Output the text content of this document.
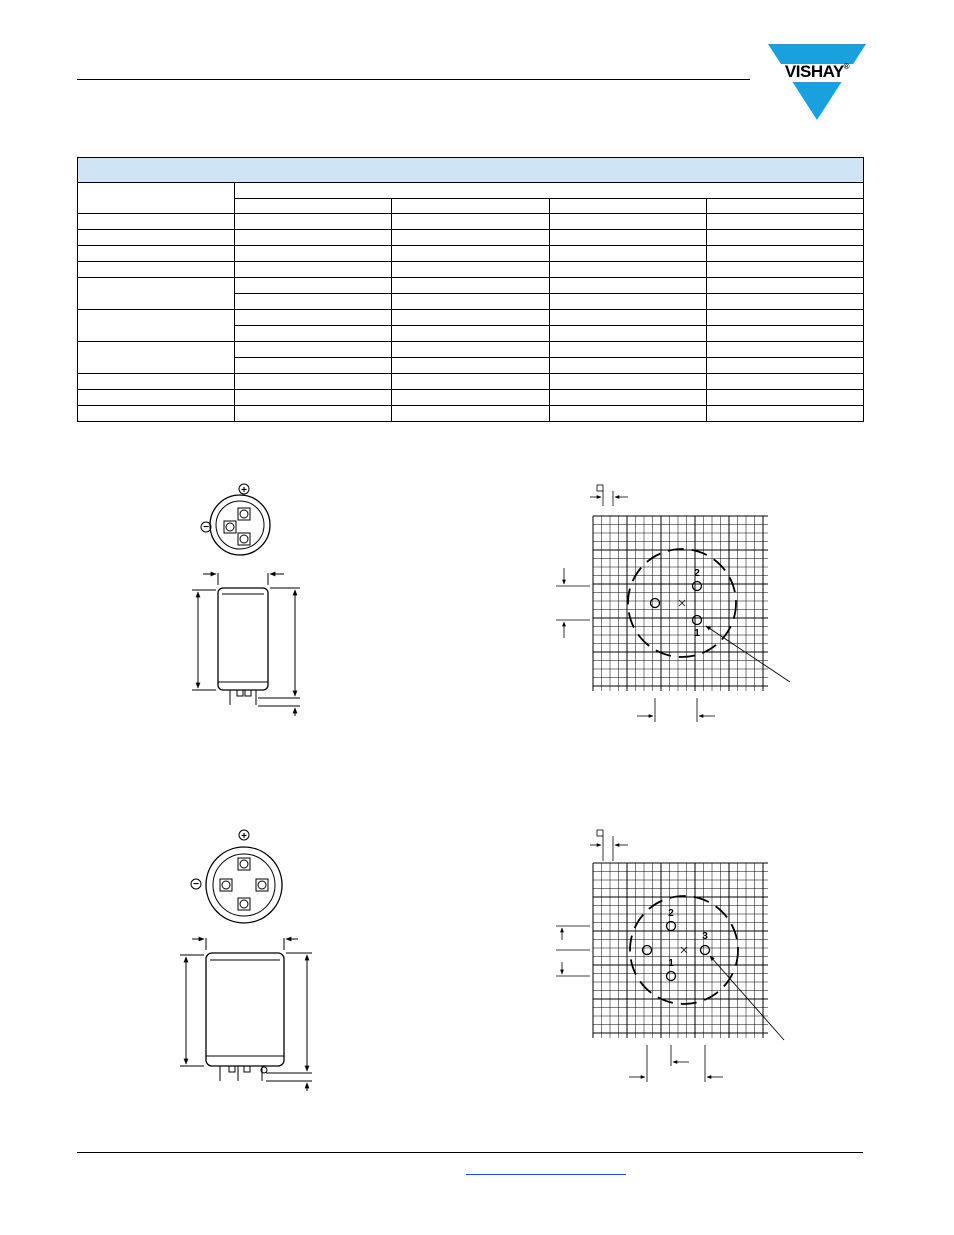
VISHAY®

+
−
2
1
+
−
2
3
1
